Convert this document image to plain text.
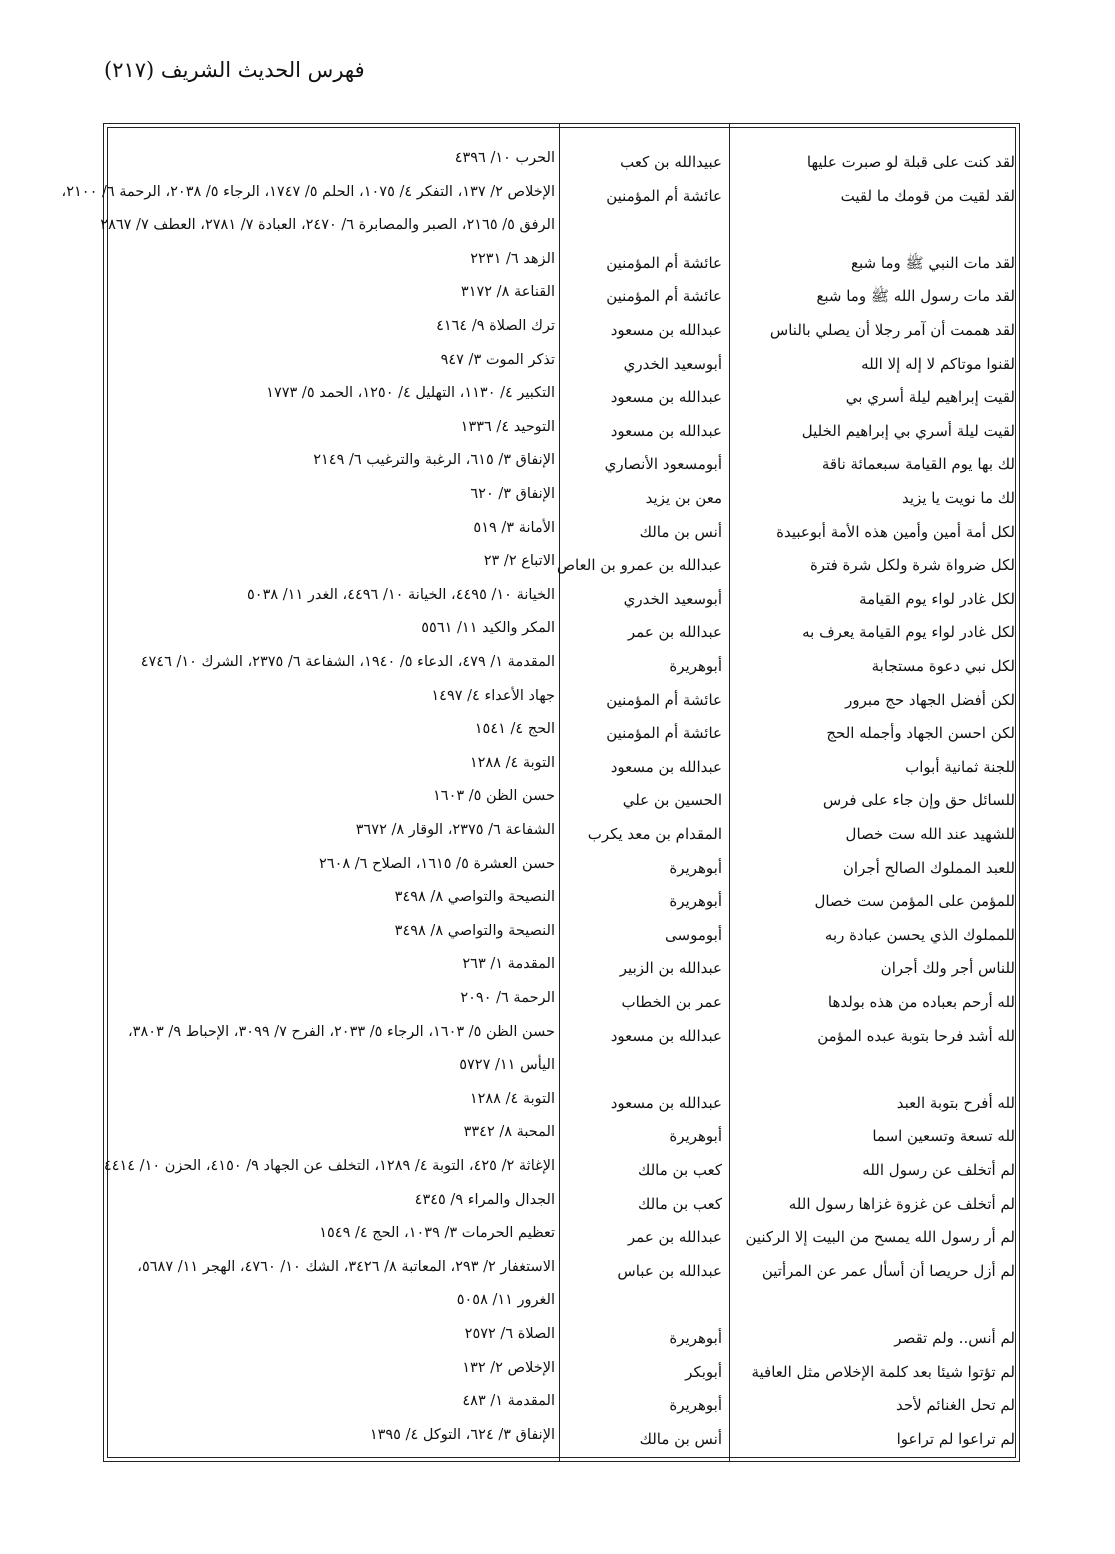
فهرس الحديث الشريف (٢١٧)
لقد كنت على قبلة لو صبرت عليها
عبيدالله بن كعب
الحرب ١٠/ ٤٣٩٦
لقد لقيت من قومك ما لقيت
عائشة أم المؤمنين
الإخلاص ٢/ ١٣٧، التفكر ٤/ ١٠٧٥، الحلم ٥/ ١٧٤٧، الرجاء ٥/ ٢٠٣٨، الرحمة ٦/ ٢١٠٠،
الرفق ٥/ ٢١٦٥، الصبر والمصابرة ٦/ ٢٤٧٠، العبادة ٧/ ٢٧٨١، العطف ٧/ ٢٨٦٧
لقد مات النبي ﷺ وما شبع
عائشة أم المؤمنين
الزهد ٦/ ٢٢٣١
لقد مات رسول الله ﷺ وما شبع
عائشة أم المؤمنين
القناعة ٨/ ٣١٧٢
لقد هممت أن آمر رجلا أن يصلي بالناس
عبدالله بن مسعود
ترك الصلاة ٩/ ٤١٦٤
لقنوا موتاكم لا إله إلا الله
أبوسعيد الخدري
تذكر الموت ٣/ ٩٤٧
لقيت إبراهيم ليلة أسري بي
عبدالله بن مسعود
التكبير ٤/ ١١٣٠، التهليل ٤/ ١٢٥٠، الحمد ٥/ ١٧٧٣
لقيت ليلة أسري بي إبراهيم الخليل
عبدالله بن مسعود
التوحيد ٤/ ١٣٣٦
لك بها يوم القيامة سبعمائة ناقة
أبومسعود الأنصاري
الإنفاق ٣/ ٦١٥، الرغبة والترغيب ٦/ ٢١٤٩
لك ما نويت يا يزيد
معن بن يزيد
الإنفاق ٣/ ٦٢٠
لكل أمة أمين وأمين هذه الأمة أبوعبيدة
أنس بن مالك
الأمانة ٣/ ٥١٩
لكل ضرواة شرة ولكل شرة فترة
عبدالله بن عمرو بن العاص
الاتباع ٢/ ٢٣
لكل غادر لواء يوم القيامة
أبوسعيد الخدري
الخيانة ١٠/ ٤٤٩٥، الخيانة ١٠/ ٤٤٩٦، الغدر ١١/ ٥٠٣٨
لكل غادر لواء يوم القيامة يعرف به
عبدالله بن عمر
المكر والكيد ١١/ ٥٥٦١
لكل نبي دعوة مستجابة
أبوهريرة
المقدمة ١/ ٤٧٩، الدعاء ٥/ ١٩٤٠، الشفاعة ٦/ ٢٣٧٥، الشرك ١٠/ ٤٧٤٦
لكن أفضل الجهاد حج مبرور
عائشة أم المؤمنين
جهاد الأعداء ٤/ ١٤٩٧
لكن احسن الجهاد وأجمله الحج
عائشة أم المؤمنين
الحج ٤/ ١٥٤١
للجنة ثمانية أبواب
عبدالله بن مسعود
التوبة ٤/ ١٢٨٨
للسائل حق وإن جاء على فرس
الحسين بن علي
حسن الظن ٥/ ١٦٠٣
للشهيد عند الله ست خصال
المقدام بن معد يكرب
الشفاعة ٦/ ٢٣٧٥، الوقار ٨/ ٣٦٧٢
للعبد المملوك الصالح أجران
أبوهريرة
حسن العشرة ٥/ ١٦١٥، الصلاح ٦/ ٢٦٠٨
للمؤمن على المؤمن ست خصال
أبوهريرة
النصيحة والتواصي ٨/ ٣٤٩٨
للمملوك الذي يحسن عبادة ربه
أبوموسى
النصيحة والتواصي ٨/ ٣٤٩٨
للناس أجر ولك أجران
عبدالله بن الزبير
المقدمة ١/ ٢٦٣
لله أرحم بعباده من هذه بولدها
عمر بن الخطاب
الرحمة ٦/ ٢٠٩٠
لله أشد فرحا بتوبة عبده المؤمن
عبدالله بن مسعود
حسن الظن ٥/ ١٦٠٣، الرجاء ٥/ ٢٠٣٣، الفرح ٧/ ٣٠٩٩، الإحباط ٩/ ٣٨٠٣،
اليأس ١١/ ٥٧٢٧
لله أفرح بتوبة العبد
عبدالله بن مسعود
التوبة ٤/ ١٢٨٨
لله تسعة وتسعين اسما
أبوهريرة
المحبة ٨/ ٣٣٤٢
لم أتخلف عن رسول الله
كعب بن مالك
الإغاثة ٢/ ٤٢٥، التوبة ٤/ ١٢٨٩، التخلف عن الجهاد ٩/ ٤١٥٠، الحزن ١٠/ ٤٤١٤
لم أتخلف عن غزوة غزاها رسول الله
كعب بن مالك
الجدال والمراء ٩/ ٤٣٤٥
لم أر رسول الله يمسح من البيت إلا الركنين
عبدالله بن عمر
تعظيم الحرمات ٣/ ١٠٣٩، الحج ٤/ ١٥٤٩
لم أزل حريصا أن أسأل عمر عن المرأتين
عبدالله بن عباس
الاستغفار ٢/ ٢٩٣، المعاتبة ٨/ ٣٤٢٦، الشك ١٠/ ٤٧٦٠، الهجر ١١/ ٥٦٨٧،
الغرور ١١/ ٥٠٥٨
لم أنس.. ولم تقصر
أبوهريرة
الصلاة ٦/ ٢٥٧٢
لم تؤتوا شيئا بعد كلمة الإخلاص مثل العافية
أبوبكر
الإخلاص ٢/ ١٣٢
لم تحل الغنائم لأحد
أبوهريرة
المقدمة ١/ ٤٨٣
لم تراعوا لم تراعوا
أنس بن مالك
الإنفاق ٣/ ٦٢٤، التوكل ٤/ ١٣٩٥
